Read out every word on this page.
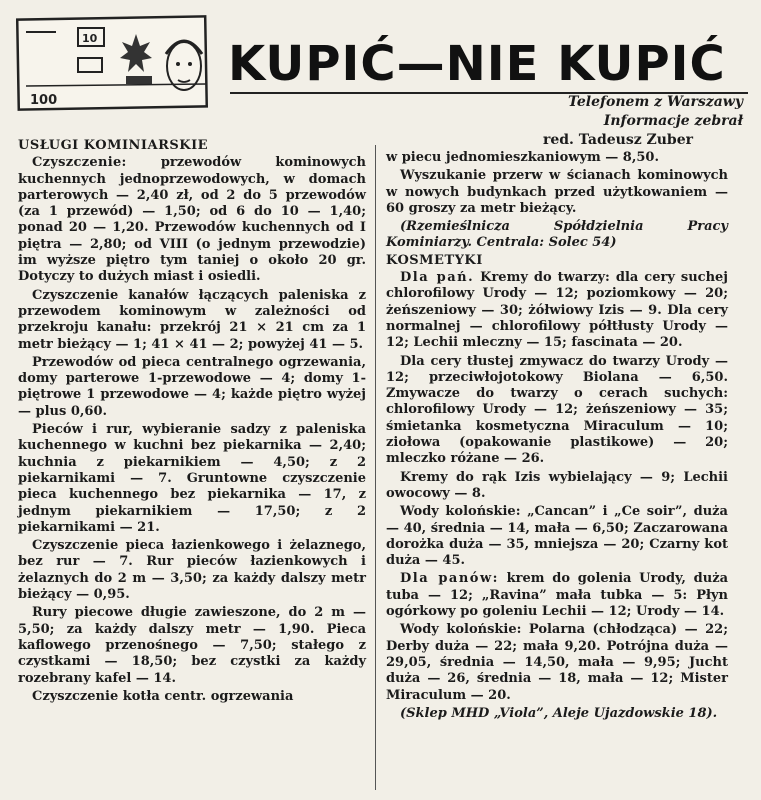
10
100
KUPIĆ—NIE KUPIĆ
Telefonem z Warszawy
Informacje zebrał
red. Tadeusz Zuber
USŁUGI KOMINIARSKIE

Czyszczenie:	przewodów kominowych kuchennych jednoprzewodowych, w domach parterowych — 2,40 zł, od 2 do 5 przewodów (za 1 przewód) — 1,50; od 6 do 10 — 1,40; ponad 20 — 1,20. Przewodów kuchennych od I piętra — 2,80; od VIII (o jednym przewodzie) im wyższe piętro tym taniej o około 20 gr. Dotyczy to dużych miast i osiedli.

Czyszczenie kanałów łączących paleniska z przewodem kominowym w zależności od przekroju kanału: przekrój 21 × 21 cm za 1 metr bieżący — 1; 41 × 41 — 2; powyżej 41 — 5.

Przewodów od pieca centralnego ogrzewania, domy parterowe 1-przewodowe — 4; domy 1-piętrowe 1 przewodowe — 4; każde piętro wyżej — plus 0,60.

Pieców i rur, wybieranie sadzy z paleniska kuchennego w kuchni bez piekarnika — 2,40; kuchnia z piekarnikiem — 4,50; z 2 piekarnikami — 7. Gruntowne czyszczenie pieca kuchennego bez piekarnika — 17, z jednym piekarnikiem — 17,50; z 2 piekarnikami — 21.

Czyszczenie pieca łazienkowego i żelaznego, bez rur — 7. Rur pieców łazienkowych i żelaznych do 2 m — 3,50; za każdy dalszy metr bieżący — 0,95.

Rury piecowe długie zawieszone, do 2 m — 5,50; za każdy dalszy metr — 1,90. Pieca kaflowego przenośnego — 7,50; stałego z czystkami — 18,50; bez czystki za każdy rozebrany kafel — 14.

Czyszczenie kotła centr. ogrzewania

w piecu jednomieszkaniowym — 8,50.

Wyszukanie przerw w ścianach kominowych w nowych budynkach przed użytkowaniem — 60 groszy za metr bieżący.

(Rzemieślnicza Spółdzielnia Pracy Kominiarzy. Centrala: Solec 54)

KOSMETYKI

Dla pań. Kremy do twarzy: dla cery suchej chlorofilowy Urody — 12; poziomkowy — 20; żeńszeniowy — 30; żółwiowy Izis — 9. Dla cery normalnej — chlorofilowy półtłusty Urody — 12; Lechii mleczny — 15; fascinata — 20.

Dla cery tłustej zmywacz do twarzy Urody — 12; przeciwłojotokowy Biolana — 6,50. Zmywacze do twarzy o cerach suchych: chlorofilowy Urody — 12; żeńszeniowy — 35; śmietanka kosmetyczna Miraculum — 10; ziołowa (opakowanie plastikowe) — 20; mleczko różane — 26.

Kremy do rąk Izis wybielający — 9; Lechii owocowy — 8.

Wody kolońskie: „Cancan” i „Ce soir”, duża — 40, średnia — 14, mała — 6,50; Zaczarowana dorożka duża — 35, mniejsza — 20; Czarny kot duża — 45.

Dla panów: krem do golenia Urody, duża tuba — 12; „Ravina” mała tubka — 5: Płyn ogórkowy po goleniu Lechii — 12; Urody — 14.

Wody kolońskie: Polarna (chłodząca) — 22; Derby duża — 22; mała 9,20. Potrójna duża — 29,05, średnia — 14,50, mała — 9,95; Jucht duża — 26, średnia — 18, mała — 12; Mister Miraculum — 20.

(Sklep MHD „Viola”, Aleje Ujazdowskie 18).
